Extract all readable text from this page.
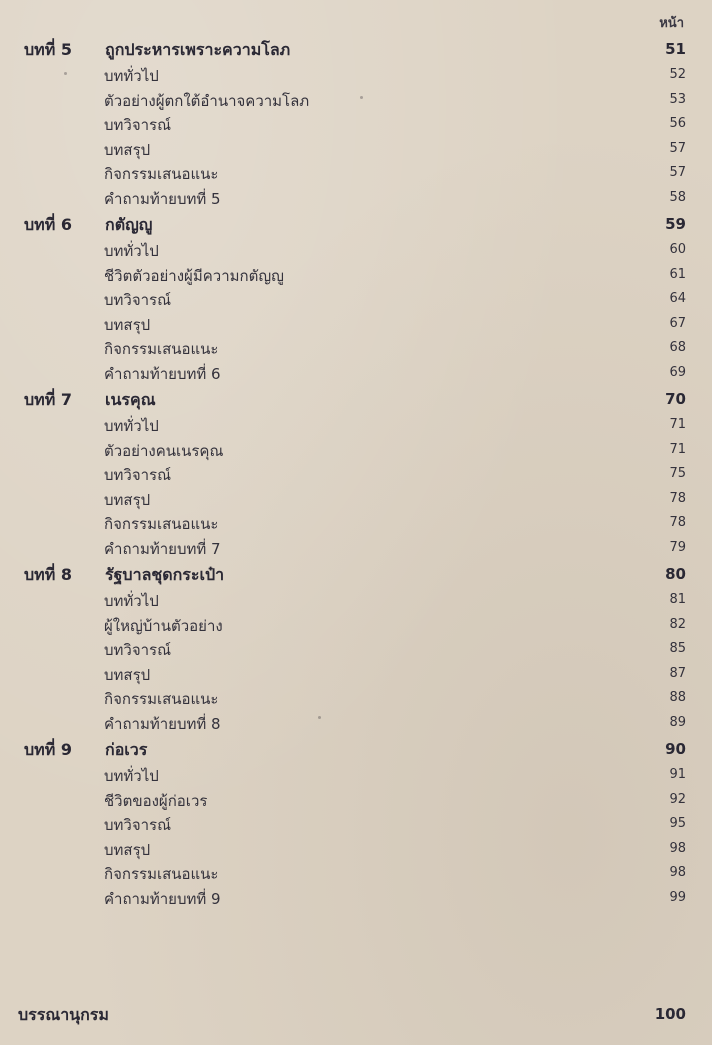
หน้า
บทที่ 5 ถูกประหารเพราะความโลภ	51
บททั่วไป	52
ตัวอย่างผู้ตกใต้อำนาจความโลภ	53
บทวิจารณ์	56
บทสรุป	57
กิจกรรมเสนอแนะ	57
คำถามท้ายบทที่ 5	58
บทที่ 6 กตัญญู	59
บททั่วไป	60
ชีวิตตัวอย่างผู้มีความกตัญญู	61
บทวิจารณ์	64
บทสรุป	67
กิจกรรมเสนอแนะ	68
คำถามท้ายบทที่ 6	69
บทที่ 7 เนรคุณ	70
บททั่วไป	71
ตัวอย่างคนเนรคุณ	71
บทวิจารณ์	75
บทสรุป	78
กิจกรรมเสนอแนะ	78
คำถามท้ายบทที่ 7	79
บทที่ 8 รัฐบาลชุดกระเป๋า	80
บททั่วไป	81
ผู้ใหญ่บ้านตัวอย่าง	82
บทวิจารณ์	85
บทสรุป	87
กิจกรรมเสนอแนะ	88
คำถามท้ายบทที่ 8	89
บทที่ 9 ก่อเวร	90
บททั่วไป	91
ชีวิตของผู้ก่อเวร	92
บทวิจารณ์	95
บทสรุป	98
กิจกรรมเสนอแนะ	98
คำถามท้ายบทที่ 9	99
บรรณานุกรม	100
